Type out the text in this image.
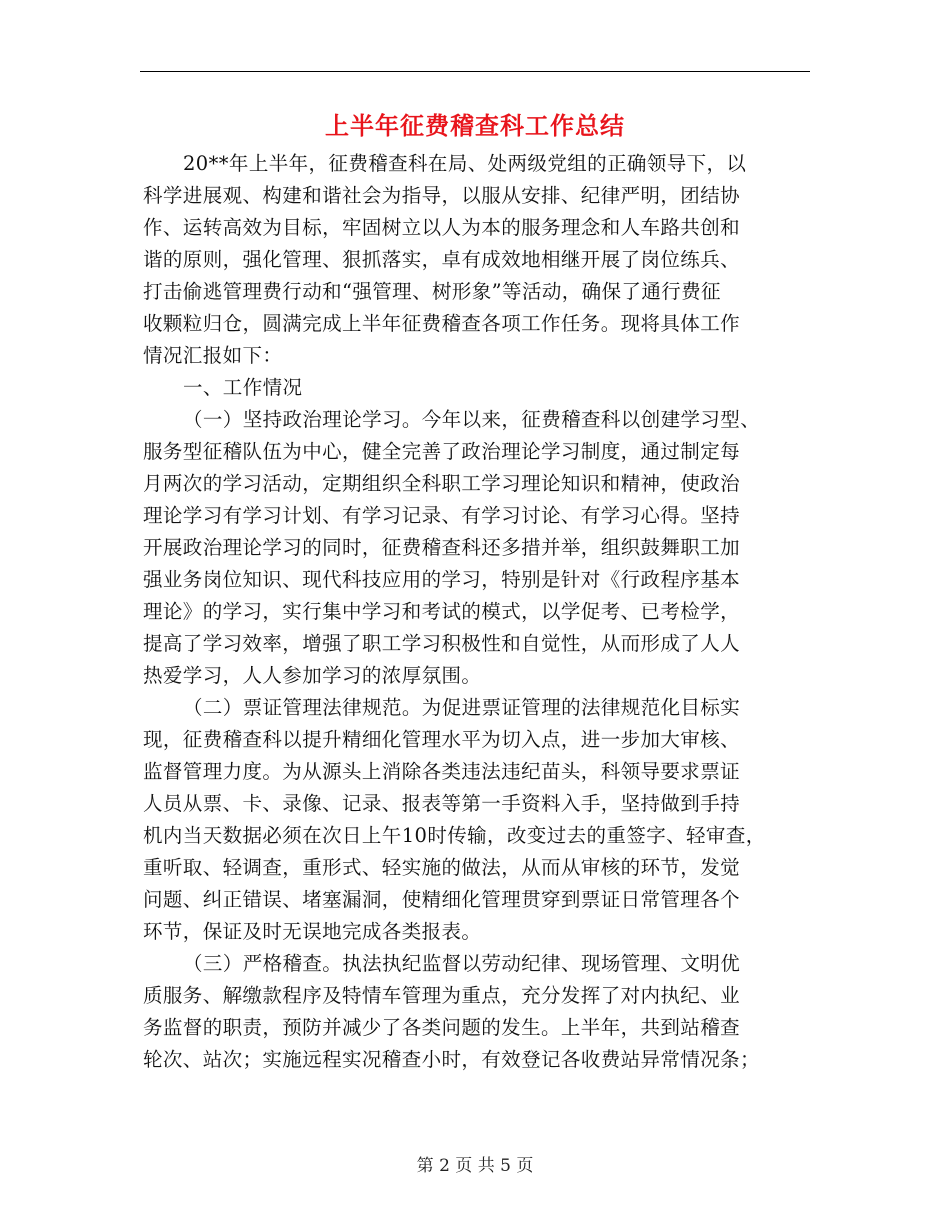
上半年征费稽查科工作总结
20**年上半年，征费稽查科在局、处两级党组的正确领导下，以
科学进展观、构建和谐社会为指导，以服从安排、纪律严明，团结协
作、运转高效为目标，牢固树立以人为本的服务理念和人车路共创和
谐的原则，强化管理、狠抓落实，卓有成效地相继开展了岗位练兵、
打击偷逃管理费行动和“强管理、树形象”等活动，确保了通行费征
收颗粒归仓，圆满完成上半年征费稽查各项工作任务。现将具体工作
情况汇报如下：
一、工作情况
（一）坚持政治理论学习。今年以来，征费稽查科以创建学习型、
服务型征稽队伍为中心，健全完善了政治理论学习制度，通过制定每
月两次的学习活动，定期组织全科职工学习理论知识和精神，使政治
理论学习有学习计划、有学习记录、有学习讨论、有学习心得。坚持
开展政治理论学习的同时，征费稽查科还多措并举，组织鼓舞职工加
强业务岗位知识、现代科技应用的学习，特别是针对《行政程序基本
理论》的学习，实行集中学习和考试的模式，以学促考、已考检学，
提高了学习效率，增强了职工学习积极性和自觉性，从而形成了人人
热爱学习，人人参加学习的浓厚氛围。
（二）票证管理法律规范。为促进票证管理的法律规范化目标实
现，征费稽查科以提升精细化管理水平为切入点，进一步加大审核、
监督管理力度。为从源头上消除各类违法违纪苗头，科领导要求票证
人员从票、卡、录像、记录、报表等第一手资料入手，坚持做到手持
机内当天数据必须在次日上午10时传输，改变过去的重签字、轻审查，
重听取、轻调查，重形式、轻实施的做法，从而从审核的环节，发觉
问题、纠正错误、堵塞漏洞，使精细化管理贯穿到票证日常管理各个
环节，保证及时无误地完成各类报表。
（三）严格稽查。执法执纪监督以劳动纪律、现场管理、文明优
质服务、解缴款程序及特情车管理为重点，充分发挥了对内执纪、业
务监督的职责，预防并减少了各类问题的发生。上半年，共到站稽查
轮次、站次；实施远程实况稽查小时，有效登记各收费站异常情况条；
第 2 页 共 5 页
